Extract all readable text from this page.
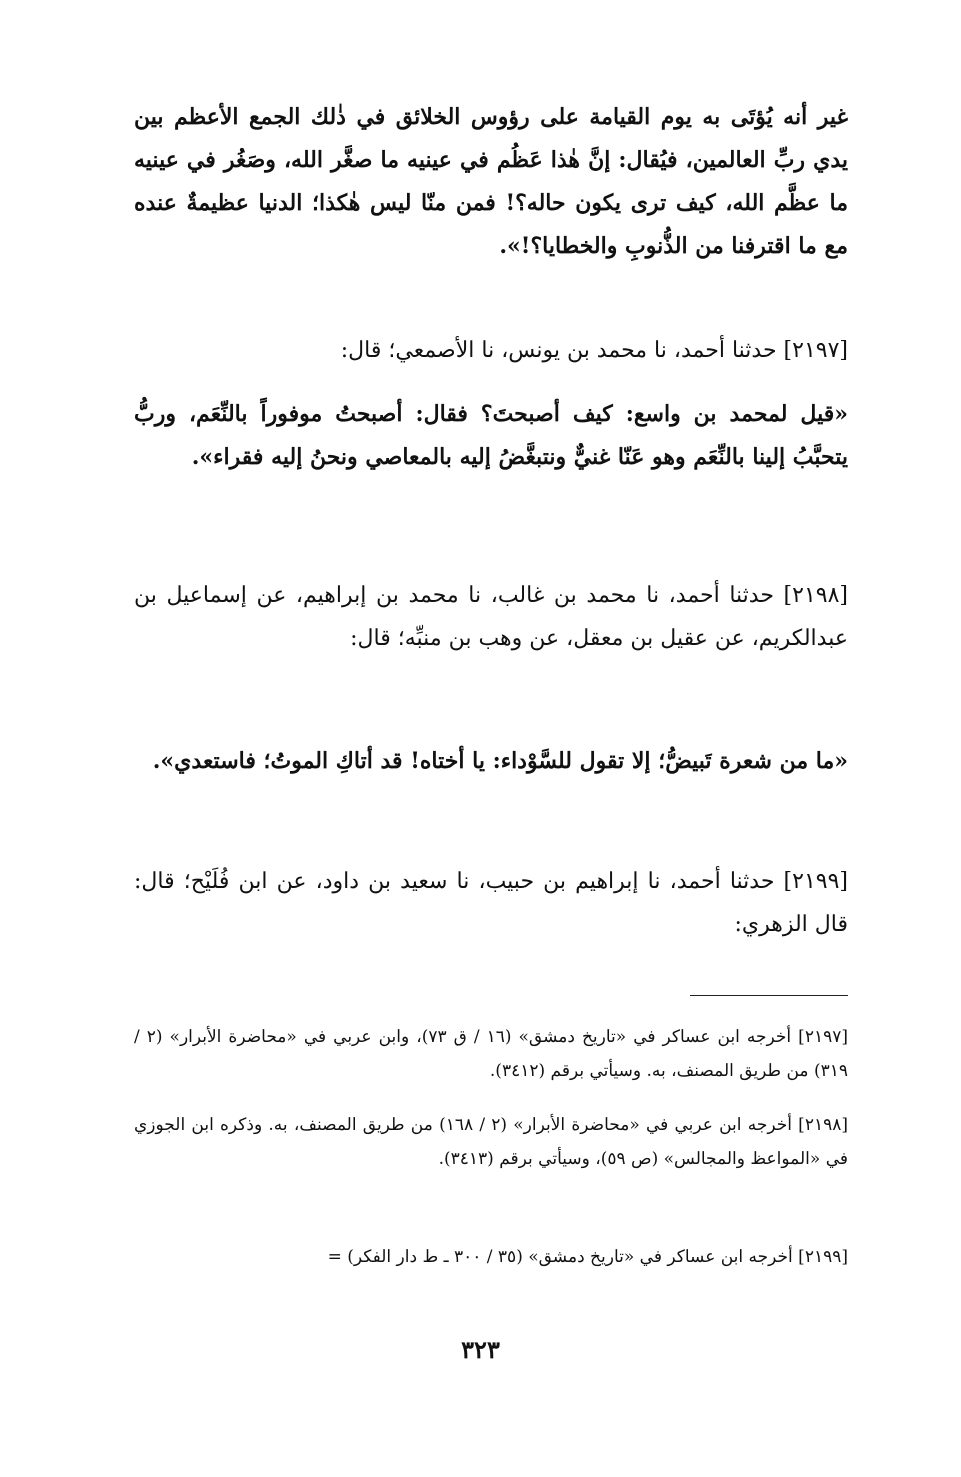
غير أنه يُؤتَى به يوم القيامة على رؤوس الخلائق في ذٰلك الجمع الأعظم بين يدي ربِّ العالمين، فيُقال: إنَّ هٰذا عَظُم في عينيه ما صغَّر الله، وصَغُر في عينيه ما عظَّم الله، كيف ترى يكون حاله؟! فمن منّا ليس هٰكذا؛ الدنيا عظيمةٌ عنده مع ما اقترفنا من الذُّنوبِ والخطايا؟!».

[٢١٩٧] حدثنا أحمد، نا محمد بن يونس، نا الأصمعي؛ قال:

«قيل لمحمد بن واسع: كيف أصبحتَ؟ فقال: أصبحتُ موفوراً بالنِّعَم، وربُّ يتحبَّبُ إلينا بالنِّعَم وهو عَنّا غنيٌّ ونتبغَّضُ إليه بالمعاصي ونحنُ إليه فقراء».

[٢١٩٨] حدثنا أحمد، نا محمد بن غالب، نا محمد بن إبراهيم، عن إسماعيل بن عبدالكريم، عن عقيل بن معقل، عن وهب بن منبِّه؛ قال:

«ما من شعرة تَبيضُّ؛ إلا تقول للسَّوْداء: يا أختاه! قد أتاكِ الموتُ؛ فاستعدي».

[٢١٩٩] حدثنا أحمد، نا إبراهيم بن حبيب، نا سعيد بن داود، عن ابن فُلَيْح؛ قال: قال الزهري:

[٢١٩٧] أخرجه ابن عساكر في «تاريخ دمشق» (١٦ / ق ٧٣)، وابن عربي في «محاضرة الأبرار» (٢ / ٣١٩) من طريق المصنف، به. وسيأتي برقم (٣٤١٢).

[٢١٩٨] أخرجه ابن عربي في «محاضرة الأبرار» (٢ / ١٦٨) من طريق المصنف، به. وذكره ابن الجوزي في «المواعظ والمجالس» (ص ٥٩)، وسيأتي برقم (٣٤١٣).

[٢١٩٩] أخرجه ابن عساكر في «تاريخ دمشق» (٣٥ / ٣٠٠ ـ ط دار الفكر) =

٣٢٣
